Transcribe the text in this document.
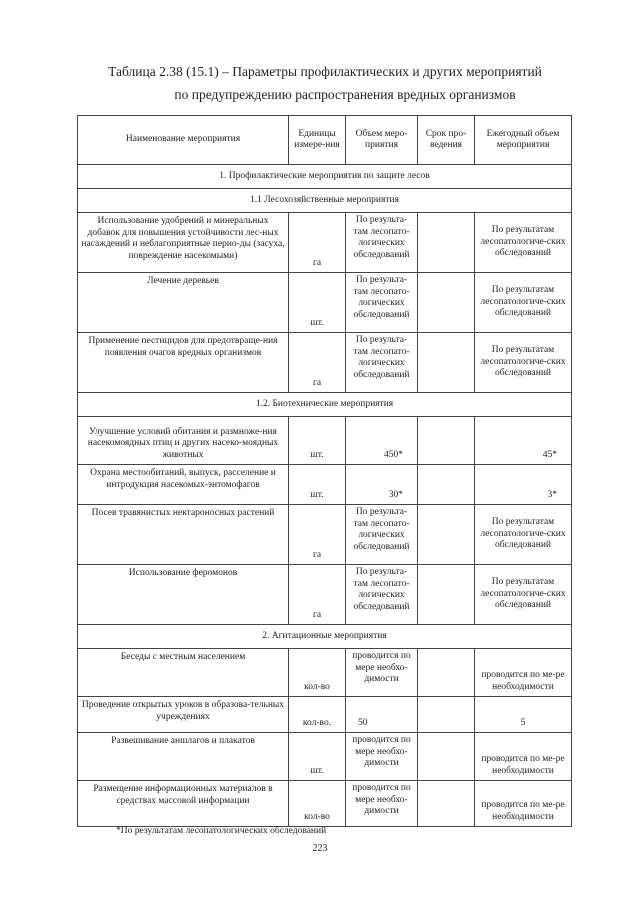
Таблица 2.38 (15.1) – Параметры профилактических и других мероприятий
по предупреждению распространения вредных организмов
Наименование мероприятия	Единицы измере-ния	Объем меро-приятия	Срок про-ведения	Ежегодный объем мероприятия
1. Профилактические мероприятия по защите лесов				
1.1 Лесохозяйственные мероприятия				
Использование удобрений и минеральных добавок для повышения устойчивости лес-ных насаждений и неблагоприятные перио-ды (засуха, повреждение насекомыми)	га	По результа-там лесопато-логических обследований		По результатам лесопатологиче-ских обследований
Лечение деревьев	шт.	По результа-там лесопато-логических обследований		По результатам лесопатологиче-ских обследований
Применение пестицидов для предотвраще-ния появления очагов вредных организмов	га	По результа-там лесопато-логических обследований		По результатам лесопатологиче-ских обследований
1.2. Биотехнические мероприятия				
Улучшение условий обитания и размноже-ния насекомоядных птиц и других насеко-моядных животных	шт.	450*		45*
Охрана местообитаний, выпуск, расселение и интродукция насекомых-энтомофагов	шт.	30*		3*
Посев травянистых нектароносных растений	га	По результа-там лесопато-логических обследований		По результатам лесопатологиче-ских обследований
Использование феромонов	га	По результа-там лесопато-логических обследований		По результатам лесопатологиче-ских обследований
2. Агитационные мероприятия				
Беседы с местным населением	кол-во	проводится по мере необхо-димости		проводится по ме-ре необходимости
Проведение открытых уроков в образова-тельных учреждениях	кол-во.	50		5
Развешивание аншлагов и плакатов	шт.	проводится по мере необхо-димости		проводится по ме-ре необходимости
Размещение информационных материалов в средствах массовой информации	кол-во	проводится по мере необхо-димости		проводится по ме-ре необходимости
*По результатам лесопатологических обследований
223
